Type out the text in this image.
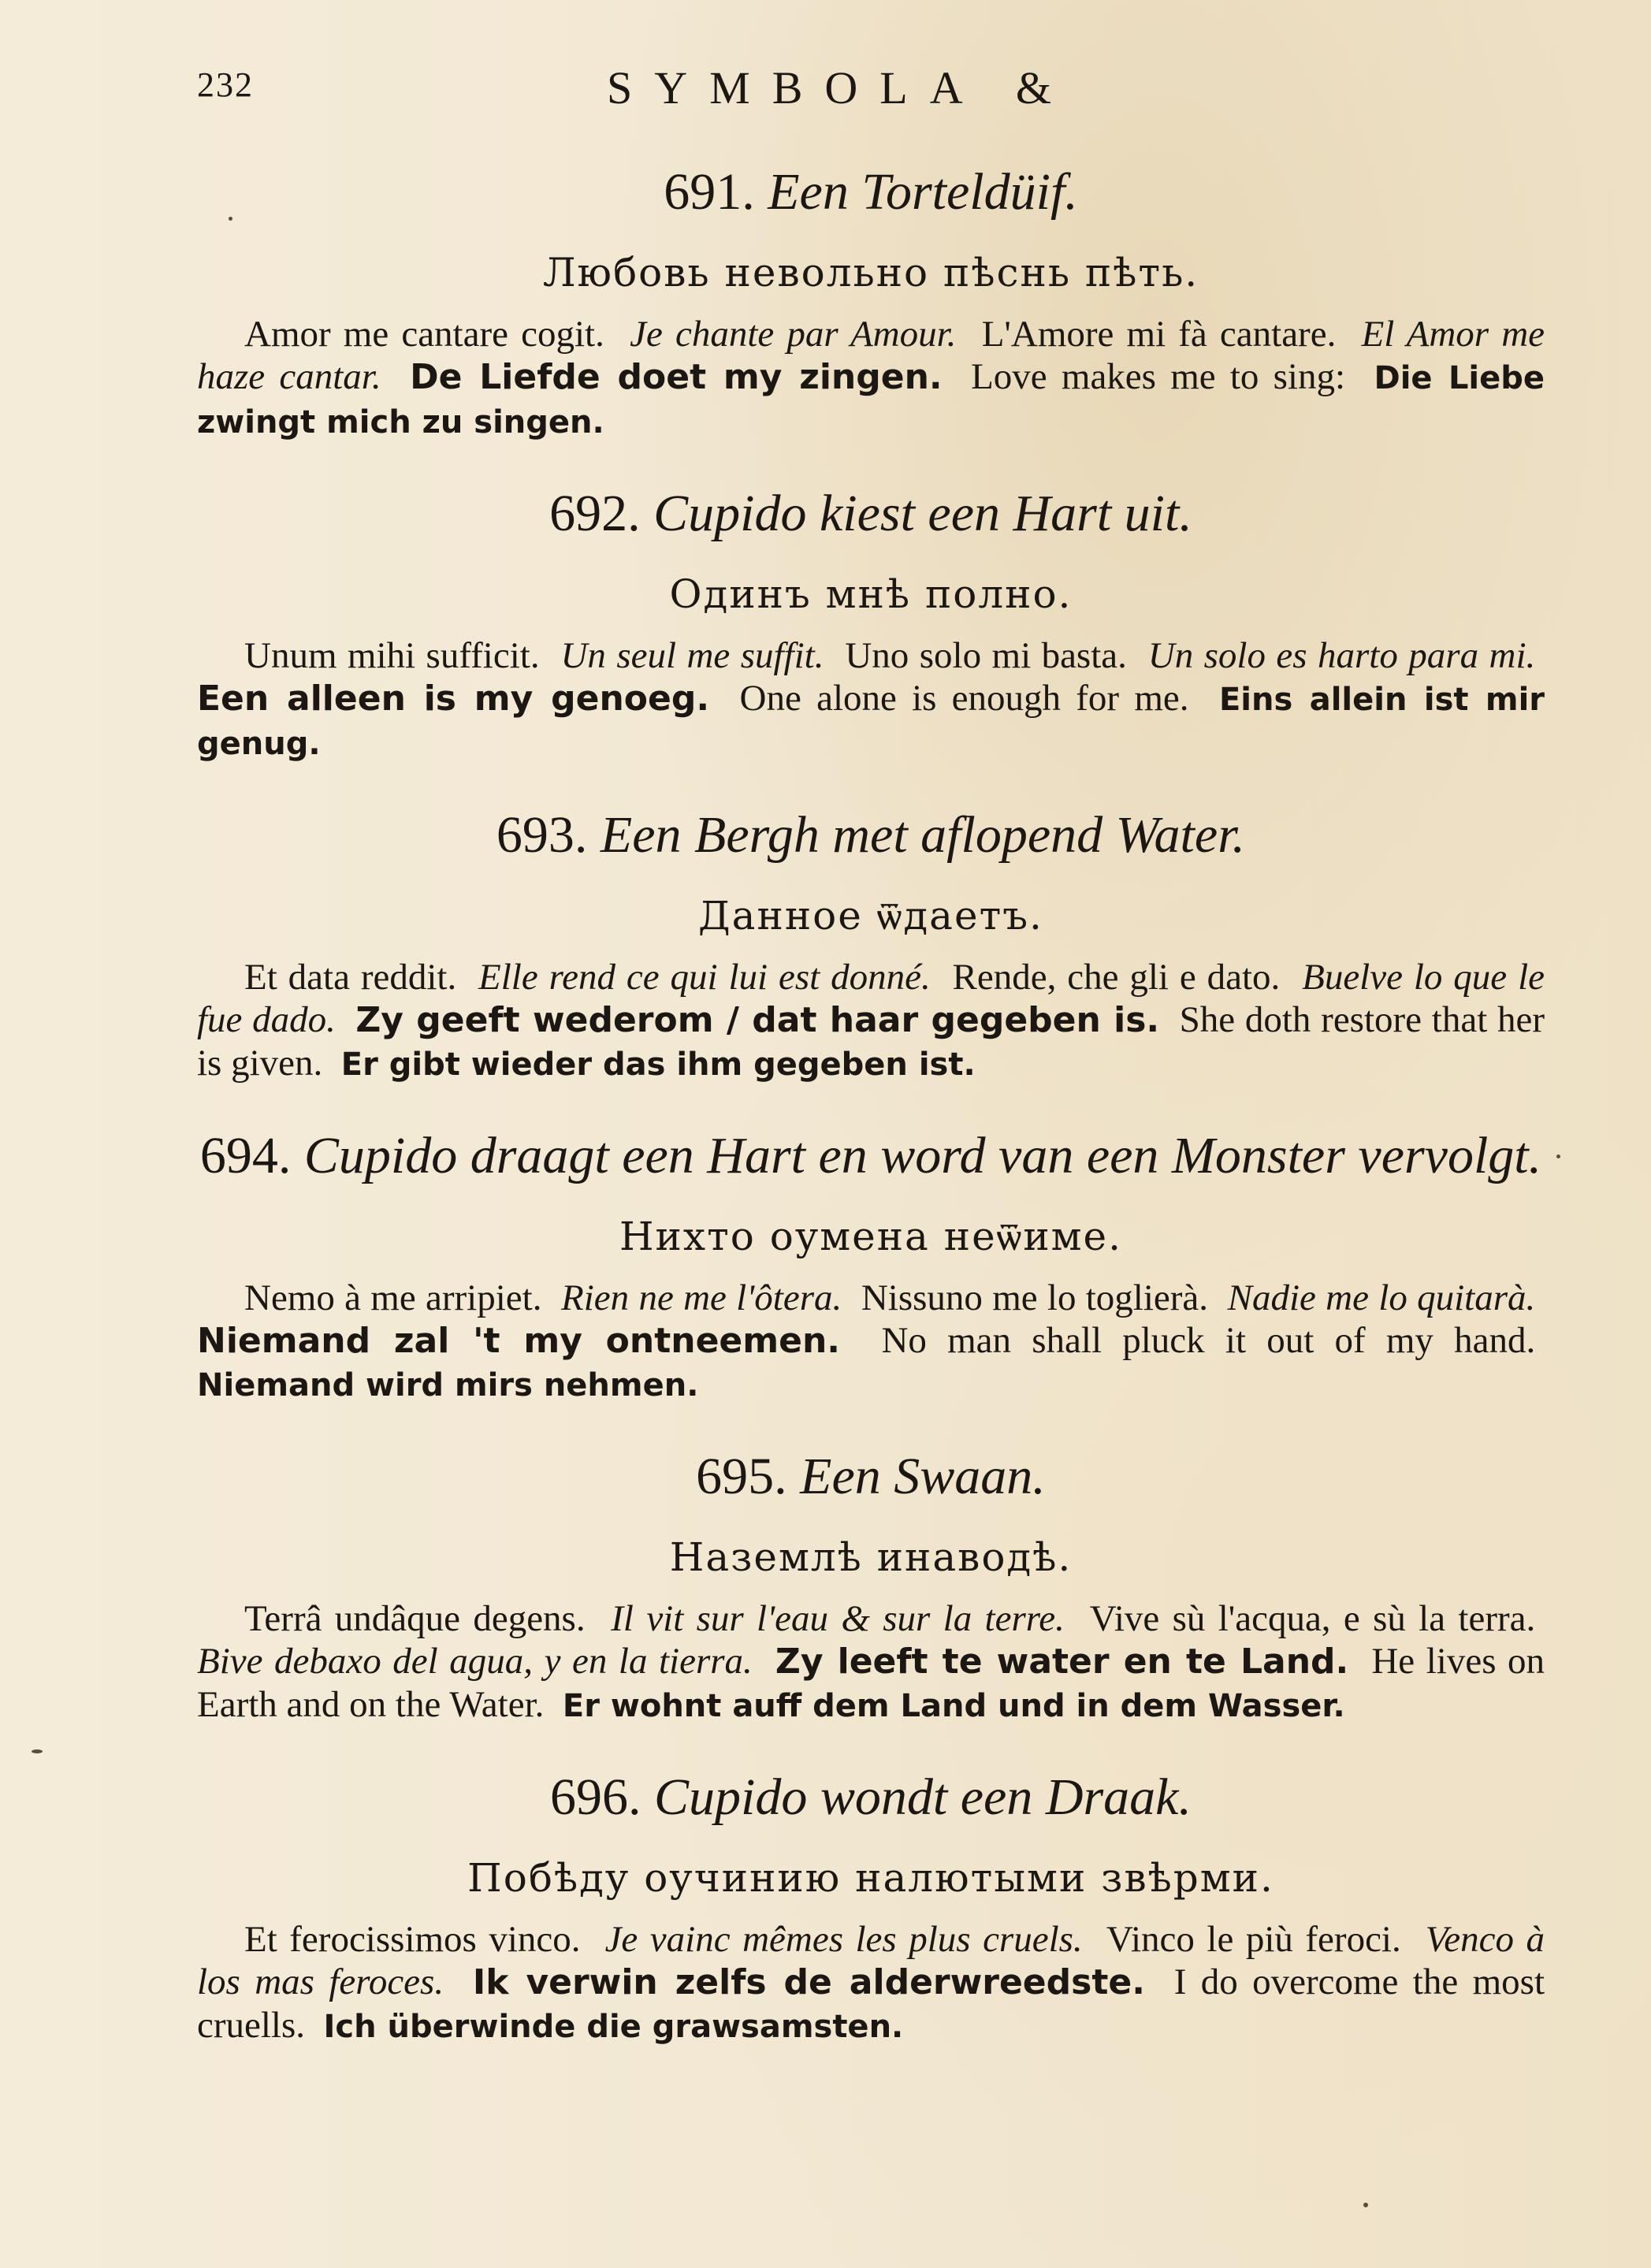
232	SYMBOLA &
691. Een Torteldüif.
Любовь невольно пѣснь пѣть.
Amor me cantare cogit. Je chante par Amour. L'Amore mi fà cantare. El Amor me haze cantar. De Liefde doet my zingen. Love makes me to sing: Die Liebe zwingt mich zu singen.
692. Cupido kiest een Hart uit.
Одинъ мнѣ полно.
Unum mihi sufficit. Un seul me suffit. Uno solo mi basta. Un solo es harto para mi.  Een alleen is my genoeg. One alone is enough for me. Eins allein ist mir genug.
693. Een Bergh met aflopend Water.
Данное ѿдаетъ.
Et data reddit. Elle rend ce qui lui est donné. Rende, che gli e dato. Buelve lo que le fue dado. Zy geeft wederom / dat haar gegeben is. She doth restore that her is given. Er gibt wieder das ihm gegeben ist.
694. Cupido draagt een Hart en word van een Monster vervolgt.
Нихто оумена неѿиме.
Nemo à me arripiet. Rien ne me l'ôtera. Nissuno me lo toglierà. Nadie me lo quitarà.  Niemand zal 't my ontneemen. No man shall pluck it out of my hand.  Niemand wird mirs nehmen.
695. Een Swaan.
Наземлѣ инаводѣ.
Terrâ undâque degens. Il vit sur l'eau & sur la terre. Vive sù l'acqua, e sù la terra.  Bive debaxo del agua, y en la tierra. Zy leeft te water en te Land. He lives on Earth and on the Water. Er wohnt auff dem Land und in dem Wasser.
696. Cupido wondt een Draak.
Побѣду оучинию налютыми звѣрми.
Et ferocissimos vinco. Je vainc mêmes les plus cruels. Vinco le più feroci. Venco à los mas feroces. Ik verwin zelfs de alderwreedste. I do overcome the most cruells. Ich überwinde die grawsamsten.
